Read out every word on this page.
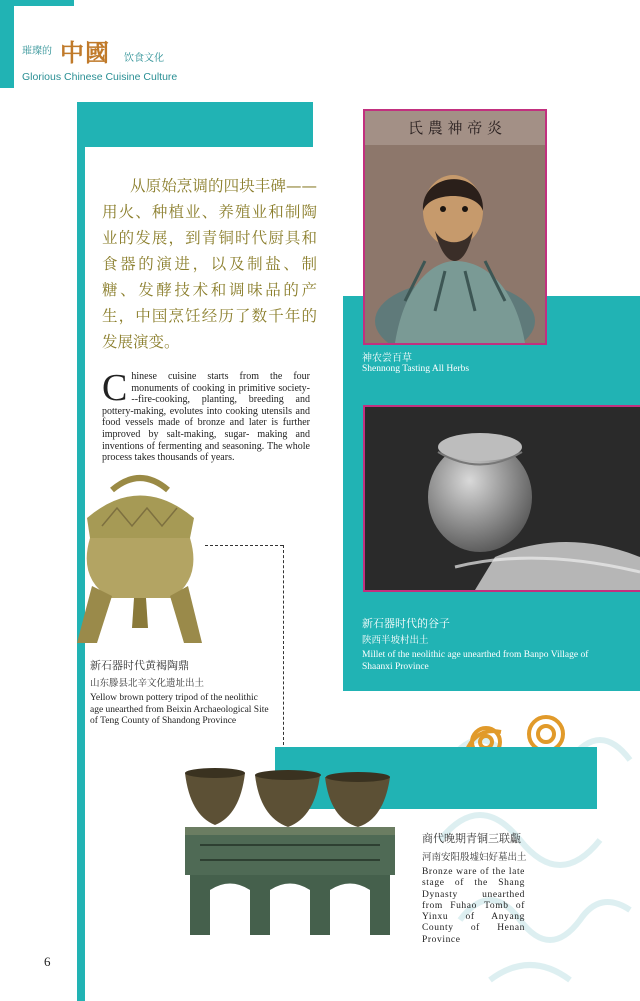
璀璨的 中國 饮食文化
Glorious Chinese Cuisine Culture
从原始烹调的四块丰碑——用火、种植业、养殖业和制陶业的发展，到青铜时代厨具和食器的演进，以及制盐、制糖、发酵技术和调味品的产生，中国烹饪经历了数千年的发展演变。
Chinese cuisine starts from the four monuments of cooking in primitive society---fire-cooking, planting, breeding and pottery-making, evolutes into cooking utensils and food vessels made of bronze and later is further improved by salt-making, sugar- making and inventions of fermenting and seasoning. The whole process takes thousands of years.
氏 農 神 帝 炎
神农尝百草
Shennong Tasting All Herbs
新石器时代的谷子
陕西半坡村出土
Millet of the neolithic age unearthed from Banpo Village of Shaanxi Province
新石器时代黄褐陶鼎
山东滕县北辛文化遗址出土
Yellow brown pottery tripod of the neolithic age unearthed from Beixin Archaeological Site of Teng County of Shandong Province
商代晚期青铜三联甗
河南安阳殷墟妇好墓出土
Bronze ware of the late stage of the Shang Dynasty unearthed from Fuhao Tomb of Yinxu of Anyang County of Henan Province
6
